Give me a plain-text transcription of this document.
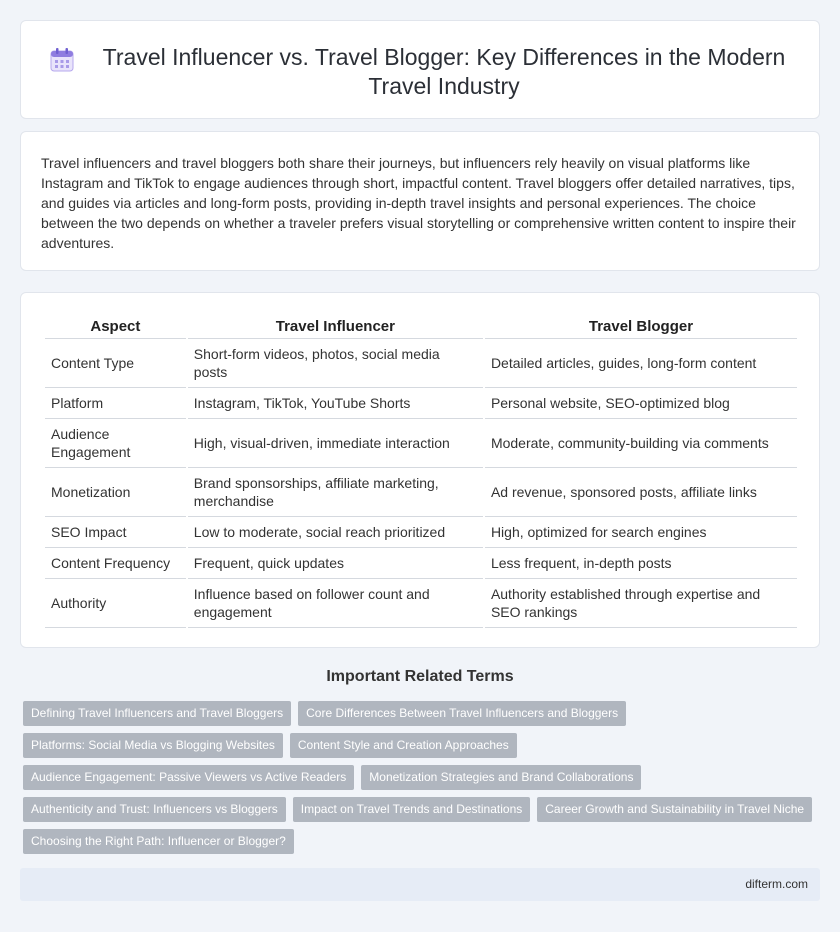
Travel Influencer vs. Travel Blogger: Key Differences in the Modern Travel Industry

Travel influencers and travel bloggers both share their journeys, but influencers rely heavily on visual platforms like Instagram and TikTok to engage audiences through short, impactful content. Travel bloggers offer detailed narratives, tips, and guides via articles and long-form posts, providing in-depth travel insights and personal experiences. The choice between the two depends on whether a traveler prefers visual storytelling or comprehensive written content to inspire their adventures.

Aspect	Travel Influencer	Travel Blogger
Content Type	Short-form videos, photos, social media posts	Detailed articles, guides, long-form content
Platform	Instagram, TikTok, YouTube Shorts	Personal website, SEO-optimized blog
Audience Engagement	High, visual-driven, immediate interaction	Moderate, community-building via comments
Monetization	Brand sponsorships, affiliate marketing, merchandise	Ad revenue, sponsored posts, affiliate links
SEO Impact	Low to moderate, social reach prioritized	High, optimized for search engines
Content Frequency	Frequent, quick updates	Less frequent, in-depth posts
Authority	Influence based on follower count and engagement	Authority established through expertise and SEO rankings
Important Related Terms
Defining Travel Influencers and Travel Bloggers	Core Differences Between Travel Influencers and Bloggers
Platforms: Social Media vs Blogging Websites	Content Style and Creation Approaches
Audience Engagement: Passive Viewers vs Active Readers	Monetization Strategies and Brand Collaborations
Authenticity and Trust: Influencers vs Bloggers	Impact on Travel Trends and Destinations	Career Growth and Sustainability in Travel Niche
Choosing the Right Path: Influencer or Blogger?
difterm.com
